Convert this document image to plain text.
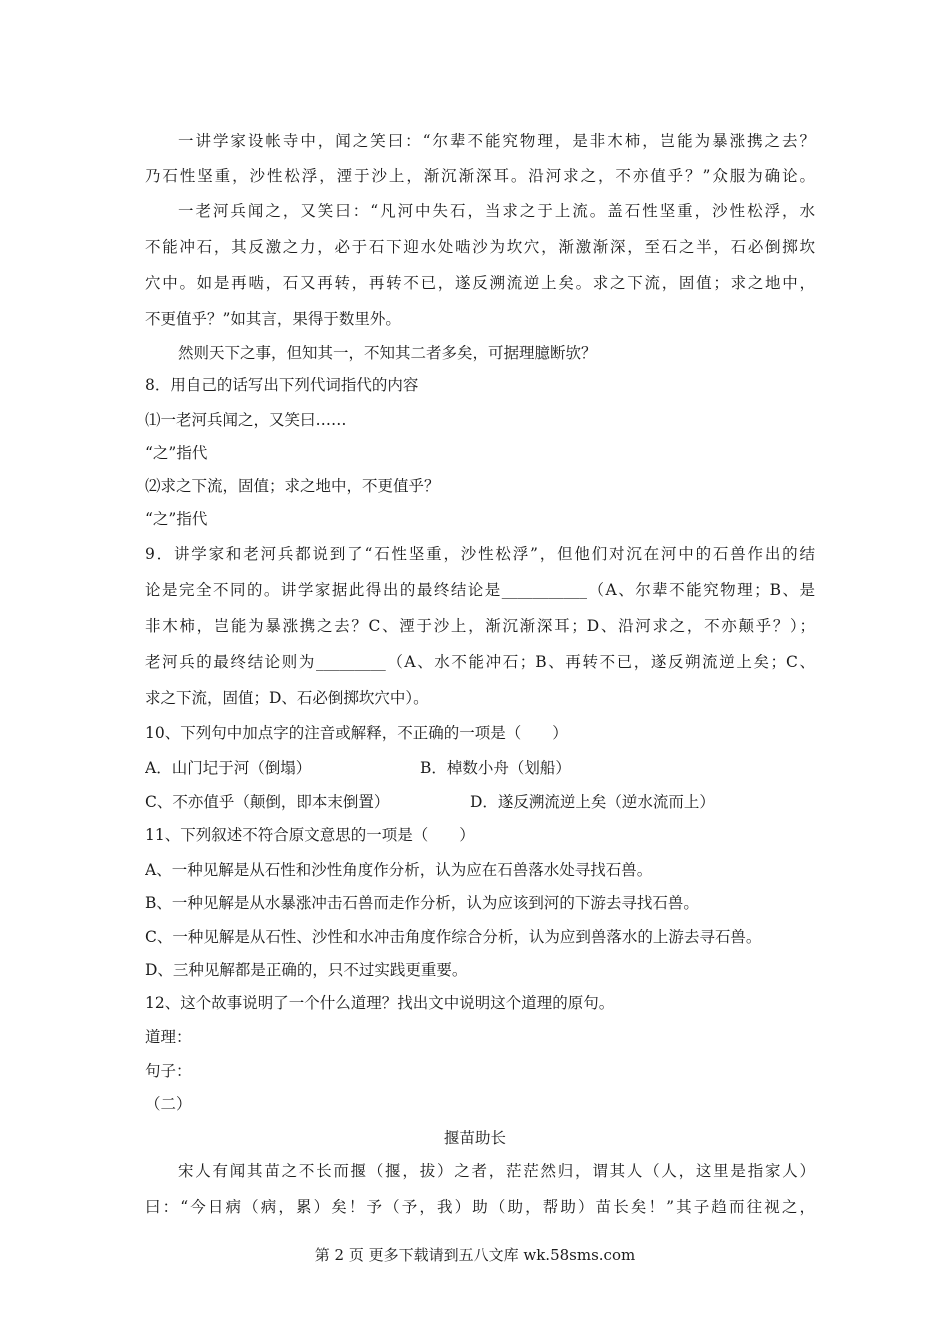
一讲学家设帐寺中，闻之笑曰：“尔辈不能究物理，是非木柿，岂能为暴涨携之去？
乃石性坚重，沙性松浮，湮于沙上，渐沉渐深耳。沿河求之，不亦值乎？”众服为确论。
一老河兵闻之，又笑曰：“凡河中失石，当求之于上流。盖石性坚重，沙性松浮，水
不能冲石，其反激之力，必于石下迎水处啮沙为坎穴，渐激渐深，至石之半，石必倒掷坎
穴中。如是再啮，石又再转，再转不已，遂反溯流逆上矣。求之下流，固值；求之地中，
不更值乎？”如其言，果得于数里外。
然则天下之事，但知其一，不知其二者多矣，可据理臆断欤？
8．用自己的话写出下列代词指代的内容
⑴一老河兵闻之，又笑曰……
“之”指代
⑵求之下流，固值；求之地中，不更值乎？
“之”指代
9．讲学家和老河兵都说到了“石性坚重，沙性松浮”，但他们对沉在河中的石兽作出的结
论是完全不同的。讲学家据此得出的最终结论是___________（A、尔辈不能究物理；B、是
非木柿，岂能为暴涨携之去？C、湮于沙上，渐沉渐深耳；D、沿河求之，不亦颠乎？）；
老河兵的最终结论则为_________（A、水不能冲石；B、再转不已，遂反朔流逆上矣；C、
求之下流，固值；D、石必倒掷坎穴中）。
10、下列句中加点字的注音或解释，不正确的一项是（　　）
A．山门圮于河（倒塌）	B．棹数小舟（划船）
C、不亦值乎（颠倒，即本末倒置）	D．遂反溯流逆上矣（逆水流而上）
11、下列叙述不符合原文意思的一项是（　　）
A、一种见解是从石性和沙性角度作分析，认为应在石兽落水处寻找石兽。
B、一种见解是从水暴涨冲击石兽而走作分析，认为应该到河的下游去寻找石兽。
C、一种见解是从石性、沙性和水冲击角度作综合分析，认为应到兽落水的上游去寻石兽。
D、三种见解都是正确的，只不过实践更重要。
12、这个故事说明了一个什么道理？找出文中说明这个道理的原句。
道理：
句子：
（二）
揠苗助长
宋人有闻其苗之不长而揠（揠，拔）之者，茫茫然归，谓其人（人，这里是指家人）
曰：“今日病（病，累）矣！予（予，我）助（助，帮助）苗长矣！”其子趋而往视之，
第 2 页 更多下载请到五八文库 wk.58sms.com
